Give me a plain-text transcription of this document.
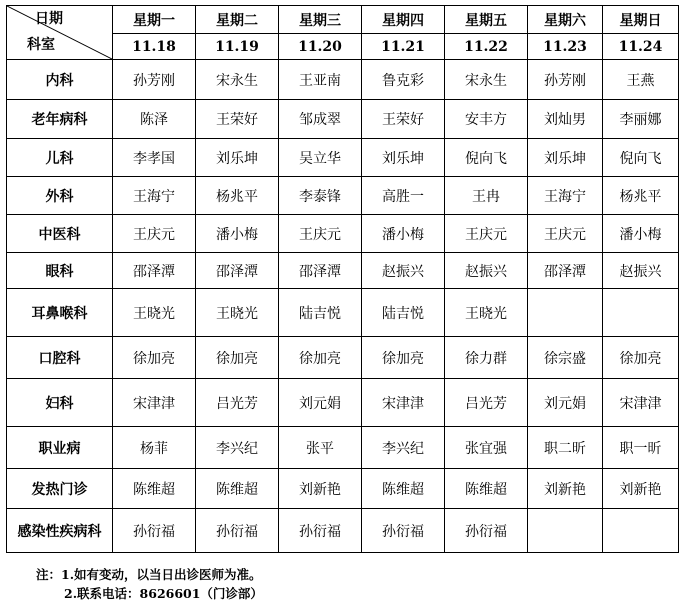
日期
科室	星期一	星期二	星期三	星期四	星期五	星期六	星期日
	11.18	11.19	11.20	11.21	11.22	11.23	11.24
内科	孙芳刚	宋永生	王亚南	鲁克彩	宋永生	孙芳刚	王燕
老年病科	陈泽	王荣好	邹成翠	王荣好	安丰方	刘灿男	李丽娜
儿科	李孝国	刘乐坤	吴立华	刘乐坤	倪向飞	刘乐坤	倪向飞
外科	王海宁	杨兆平	李泰锋	高胜一	王冉	王海宁	杨兆平
中医科	王庆元	潘小梅	王庆元	潘小梅	王庆元	王庆元	潘小梅
眼科	邵泽潭	邵泽潭	邵泽潭	赵振兴	赵振兴	邵泽潭	赵振兴
耳鼻喉科	王晓光	王晓光	陆吉悦	陆吉悦	王晓光		
口腔科	徐加亮	徐加亮	徐加亮	徐加亮	徐力群	徐宗盛	徐加亮
妇科	宋津津	吕光芳	刘元娟	宋津津	吕光芳	刘元娟	宋津津
职业病	杨菲	李兴纪	张平	李兴纪	张宜强	职二昕	职一昕
发热门诊	陈维超	陈维超	刘新艳	陈维超	陈维超	刘新艳	刘新艳
感染性疾病科	孙衍福	孙衍福	孙衍福	孙衍福	孙衍福		
注：1.如有变动，以当日出诊医师为准。
2.联系电话：8626601（门诊部）
